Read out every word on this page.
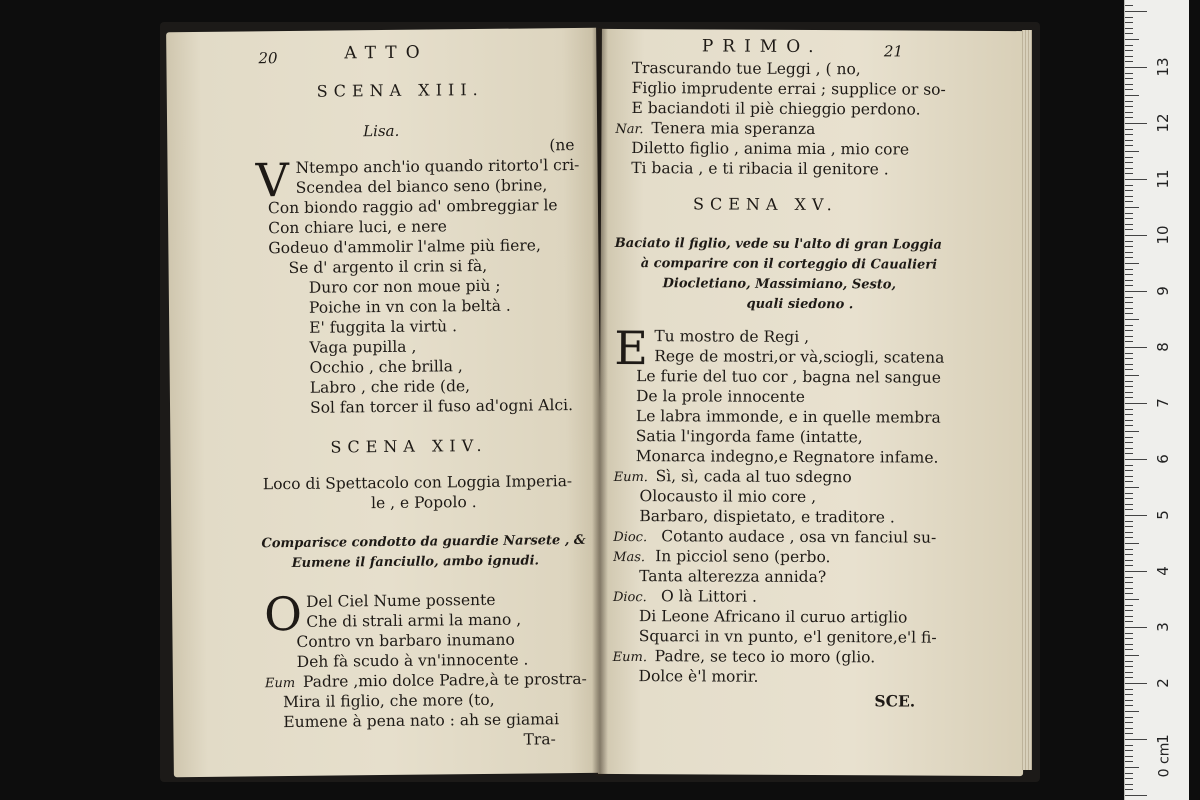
20	ATTO
SCENA XIII.
Lisa.
(ne
V Ntempo anch'io quando ritorto'l cri-
Scendea del bianco seno (brine,
Con biondo raggio ad' ombreggiar le
Con chiare luci, e nere
Godeuo d'ammolir l'alme più fiere,
Se d' argento il crin si fà,
Duro cor non moue più ;
Poiche in vn con la beltà .
E' fuggita la virtù .
Vaga pupilla ,
Occhio , che brilla ,
Labro , che ride (de,
Sol fan torcer il fuso ad'ogni Alci.
SCENA XIV.
Loco di Spettacolo con Loggia Imperia-
le , e Popolo .
Comparisce condotto da guardie Narsete , &
Eumene il fanciullo, ambo ignudi.
O Del Ciel Nume possente
Che di strali armi la mano ,
Contro vn barbaro inumano
Deh fà scudo à vn'innocente .
Eum Padre ,mio dolce Padre,à te prostra-
Mira il figlio, che more (to,
Eumene à pena nato : ah se giamai
Tra-
PRIMO.	21
Trascurando tue Leggi , ( no,
Figlio imprudente errai ; supplice or so-
E baciandoti il piè chieggio perdono.
Nar. Tenera mia speranza
Diletto figlio , anima mia , mio core
Ti bacia , e ti ribacia il genitore .
SCENA XV.
Baciato il figlio, vede su l'alto di gran Loggia
à comparire con il corteggio di Caualieri
Diocletiano, Massimiano, Sesto,
quali siedono .
E Tu mostro de Regi ,
Rege de mostri,or và,sciogli, scatena
Le furie del tuo cor , bagna nel sangue
De la prole innocente
Le labra immonde, e in quelle membra
Satia l'ingorda fame (intatte,
Monarca indegno,e Regnatore infame.
Eum. Sì, sì, cada al tuo sdegno
Olocausto il mio core ,
Barbaro, dispietato, e traditore .
Dioc. Cotanto audace , osa vn fanciul su-
Mas. In picciol seno (perbo.
Tanta alterezza annida?
Dioc. O là Littori .
Di Leone Africano il curuo artiglio
Squarci in vn punto, e'l genitore,e'l fi-
Eum. Padre, se teco io moro (glio.
Dolce è'l morir.
SCE.
0 cm
1
2
3
4
5
6
7
8
9
10
11
12
13
